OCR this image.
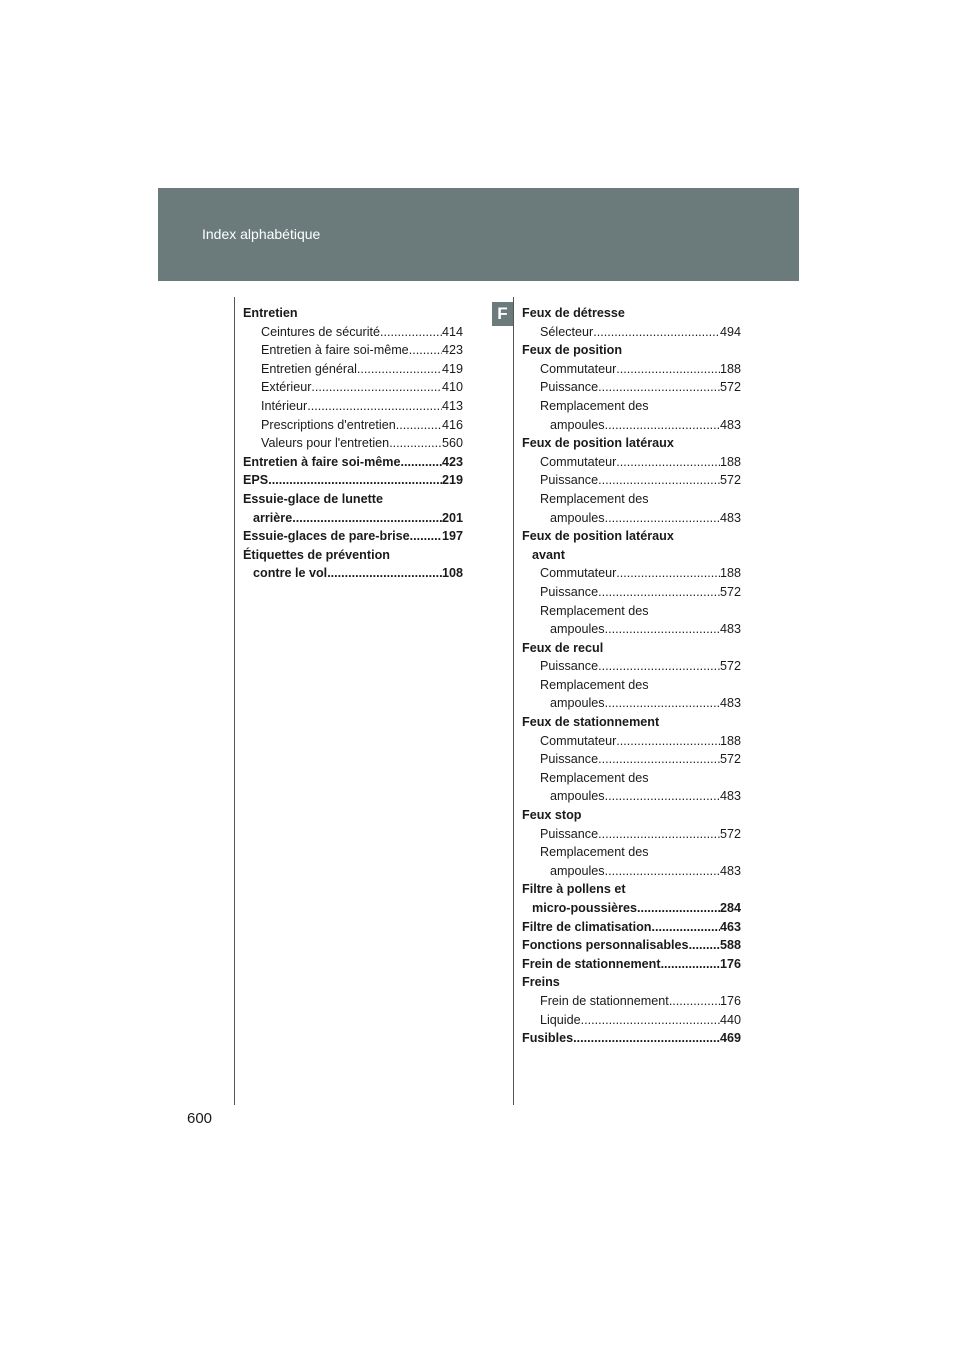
Index alphabétique
F
Entretien
Ceintures de sécurité .....	414
Entretien à faire soi-même .....	423
Entretien général .....	419
Extérieur .....	410
Intérieur .....	413
Prescriptions d'entretien .....	416
Valeurs pour l'entretien .....	560
Entretien à faire soi-même .....	423
EPS .....	219
Essuie-glace de lunette
arrière .....	201
Essuie-glaces de pare-brise .....	197
Étiquettes de prévention
contre le vol .....	108
Feux de détresse
Sélecteur .....	494
Feux de position
Commutateur .....	188
Puissance .....	572
Remplacement des
ampoules .....	483
Feux de position latéraux
Commutateur .....	188
Puissance .....	572
Remplacement des
ampoules .....	483
Feux de position latéraux
avant
Commutateur .....	188
Puissance .....	572
Remplacement des
ampoules .....	483
Feux de recul
Puissance .....	572
Remplacement des
ampoules .....	483
Feux de stationnement
Commutateur .....	188
Puissance .....	572
Remplacement des
ampoules .....	483
Feux stop
Puissance .....	572
Remplacement des
ampoules .....	483
Filtre à pollens et
micro-poussières .....	284
Filtre de climatisation .....	463
Fonctions personnalisables ..... 588
Frein de stationnement .....	176
Freins
Frein de stationnement .....	176
Liquide .....	440
Fusibles .....	469
600
